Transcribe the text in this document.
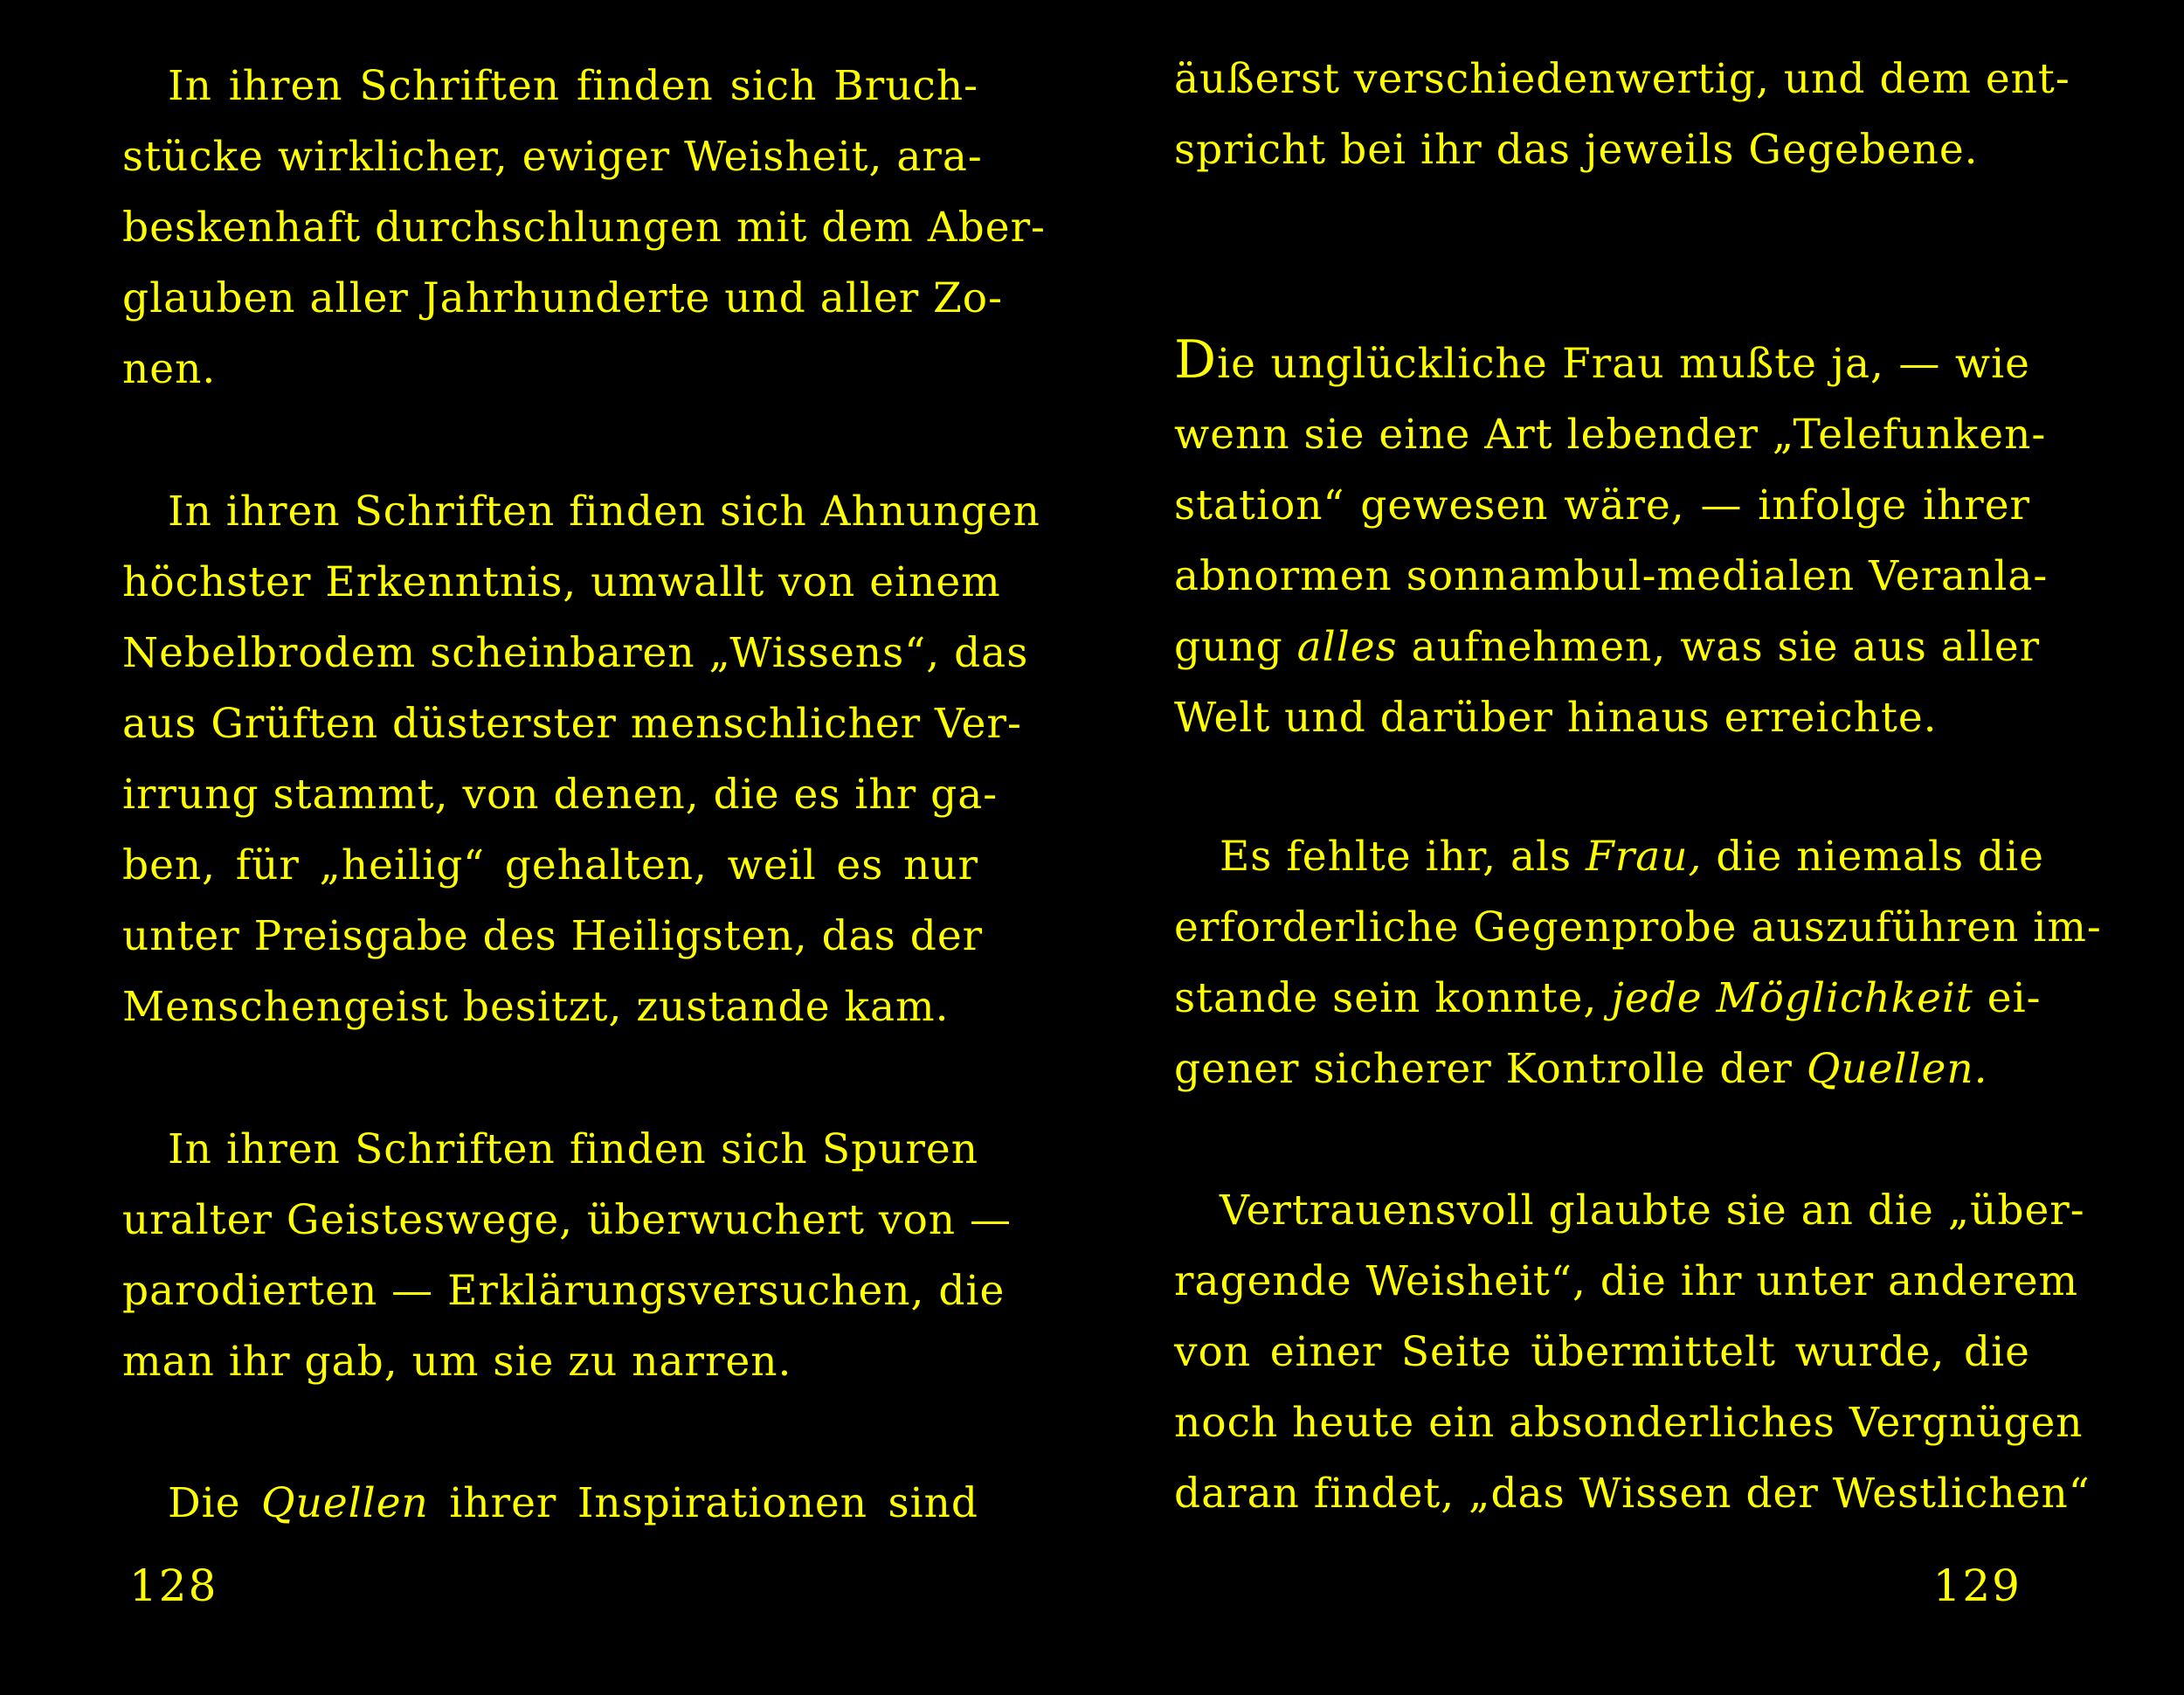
In ihren Schriften finden sich Bruch-
stücke wirklicher, ewiger Weisheit, ara-
beskenhaft durchschlungen mit dem Aber-
glauben aller Jahrhunderte und aller Zo-
nen.
In ihren Schriften finden sich Ahnungen
höchster Erkenntnis, umwallt von einem
Nebelbrodem scheinbaren „Wissens“, das
aus Grüften düsterster menschlicher Ver-
irrung stammt, von denen, die es ihr ga-
ben, für „heilig“ gehalten, weil es nur
unter Preisgabe des Heiligsten, das der
Menschengeist besitzt, zustande kam.
In ihren Schriften finden sich Spuren
uralter Geisteswege, überwuchert von —
parodierten — Erklärungsversuchen, die
man ihr gab, um sie zu narren.
Die Quellen ihrer Inspirationen sind
128
äußerst verschiedenwertig, und dem ent-
spricht bei ihr das jeweils Gegebene.
Die unglückliche Frau mußte ja, — wie
wenn sie eine Art lebender „Telefunken-
station“ gewesen wäre, — infolge ihrer
abnormen sonnambul-medialen Veranla-
gung alles aufnehmen, was sie aus aller
Welt und darüber hinaus erreichte.
Es fehlte ihr, als Frau, die niemals die
erforderliche Gegenprobe auszuführen im-
stande sein konnte, jede Möglichkeit ei-
gener sicherer Kontrolle der Quellen.
Vertrauensvoll glaubte sie an die „über-
ragende Weisheit“, die ihr unter anderem
von einer Seite übermittelt wurde, die
noch heute ein absonderliches Vergnügen
daran findet, „das Wissen der Westlichen“
129
